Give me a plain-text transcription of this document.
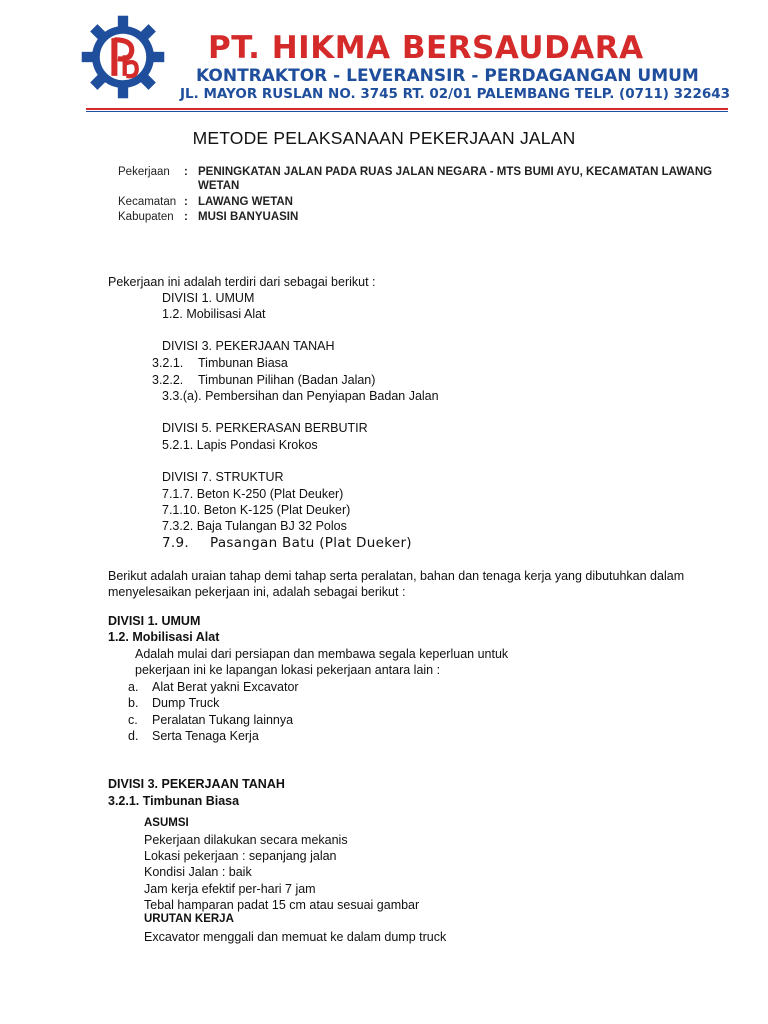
PT. HIKMA BERSAUDARA
KONTRAKTOR - LEVERANSIR - PERDAGANGAN UMUM
JL. MAYOR RUSLAN NO. 3745 RT. 02/01 PALEMBANG TELP. (0711) 322643
METODE PELAKSANAAN PEKERJAAN JALAN
Pekerjaan : PENINGKATAN JALAN PADA RUAS JALAN NEGARA - MTS BUMI AYU, KECAMATAN LAWANG
WETAN
Kecamatan : LAWANG WETAN
Kabupaten : MUSI BANYUASIN
Pekerjaan ini adalah terdiri dari sebagai berikut :
DIVISI 1. UMUM
1.2. Mobilisasi Alat
DIVISI 3. PEKERJAAN TANAH
3.2.1. Timbunan Biasa
3.2.2. Timbunan Pilihan (Badan Jalan)
3.3.(a). Pembersihan dan Penyiapan Badan Jalan
DIVISI 5. PERKERASAN BERBUTIR
5.2.1. Lapis Pondasi Krokos
DIVISI 7. STRUKTUR
7.1.7. Beton K-250 (Plat Deuker)
7.1.10. Beton K-125 (Plat Deuker)
7.3.2. Baja Tulangan BJ 32 Polos
7.9. Pasangan Batu (Plat Dueker)
Berikut adalah uraian tahap demi tahap serta peralatan, bahan dan tenaga kerja yang dibutuhkan dalam
menyelesaikan pekerjaan ini, adalah sebagai berikut :
DIVISI 1. UMUM
1.2. Mobilisasi Alat
Adalah mulai dari persiapan dan membawa segala keperluan untuk
pekerjaan ini ke lapangan lokasi pekerjaan antara lain :
a. Alat Berat yakni Excavator
b. Dump Truck
c. Peralatan Tukang lainnya
d. Serta Tenaga Kerja
DIVISI 3. PEKERJAAN TANAH
3.2.1. Timbunan Biasa
ASUMSI
Pekerjaan dilakukan secara mekanis
Lokasi pekerjaan : sepanjang jalan
Kondisi Jalan : baik
Jam kerja efektif per-hari 7 jam
Tebal hamparan padat 15 cm atau sesuai gambar
URUTAN KERJA
Excavator menggali dan memuat ke dalam dump truck
